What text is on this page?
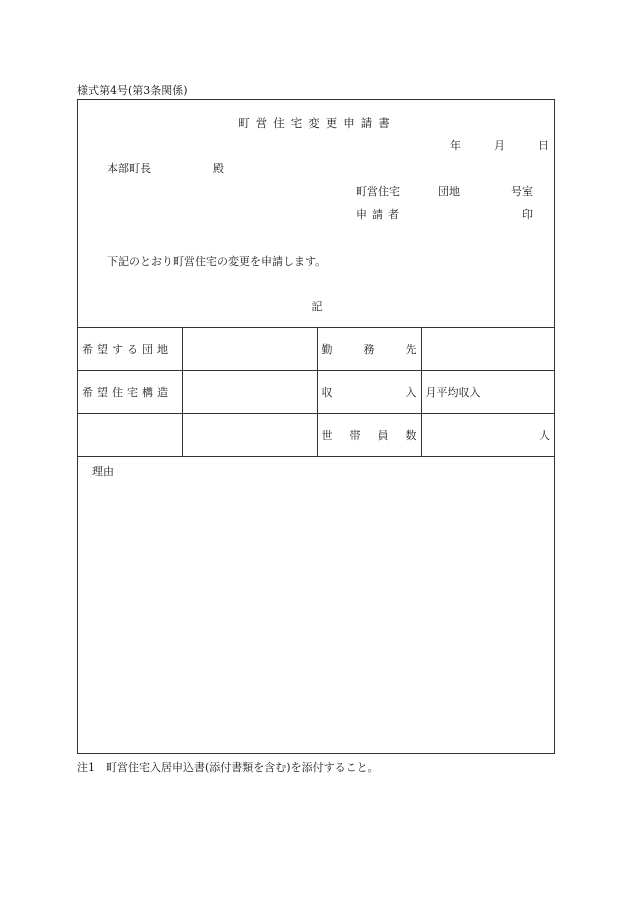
様式第4号(第3条関係)
町営住宅変更申請書
年	月	日
本部町長	殿
町営住宅	団地	号室
申請者	印
下記のとおり町営住宅の変更を申請します。
記
希望する団地		勤 務 先	

希望住宅構造		収 入	月平均収入

		世 帯 員 数	人
理由
注1　町営住宅入居申込書(添付書類を含む)を添付すること。
